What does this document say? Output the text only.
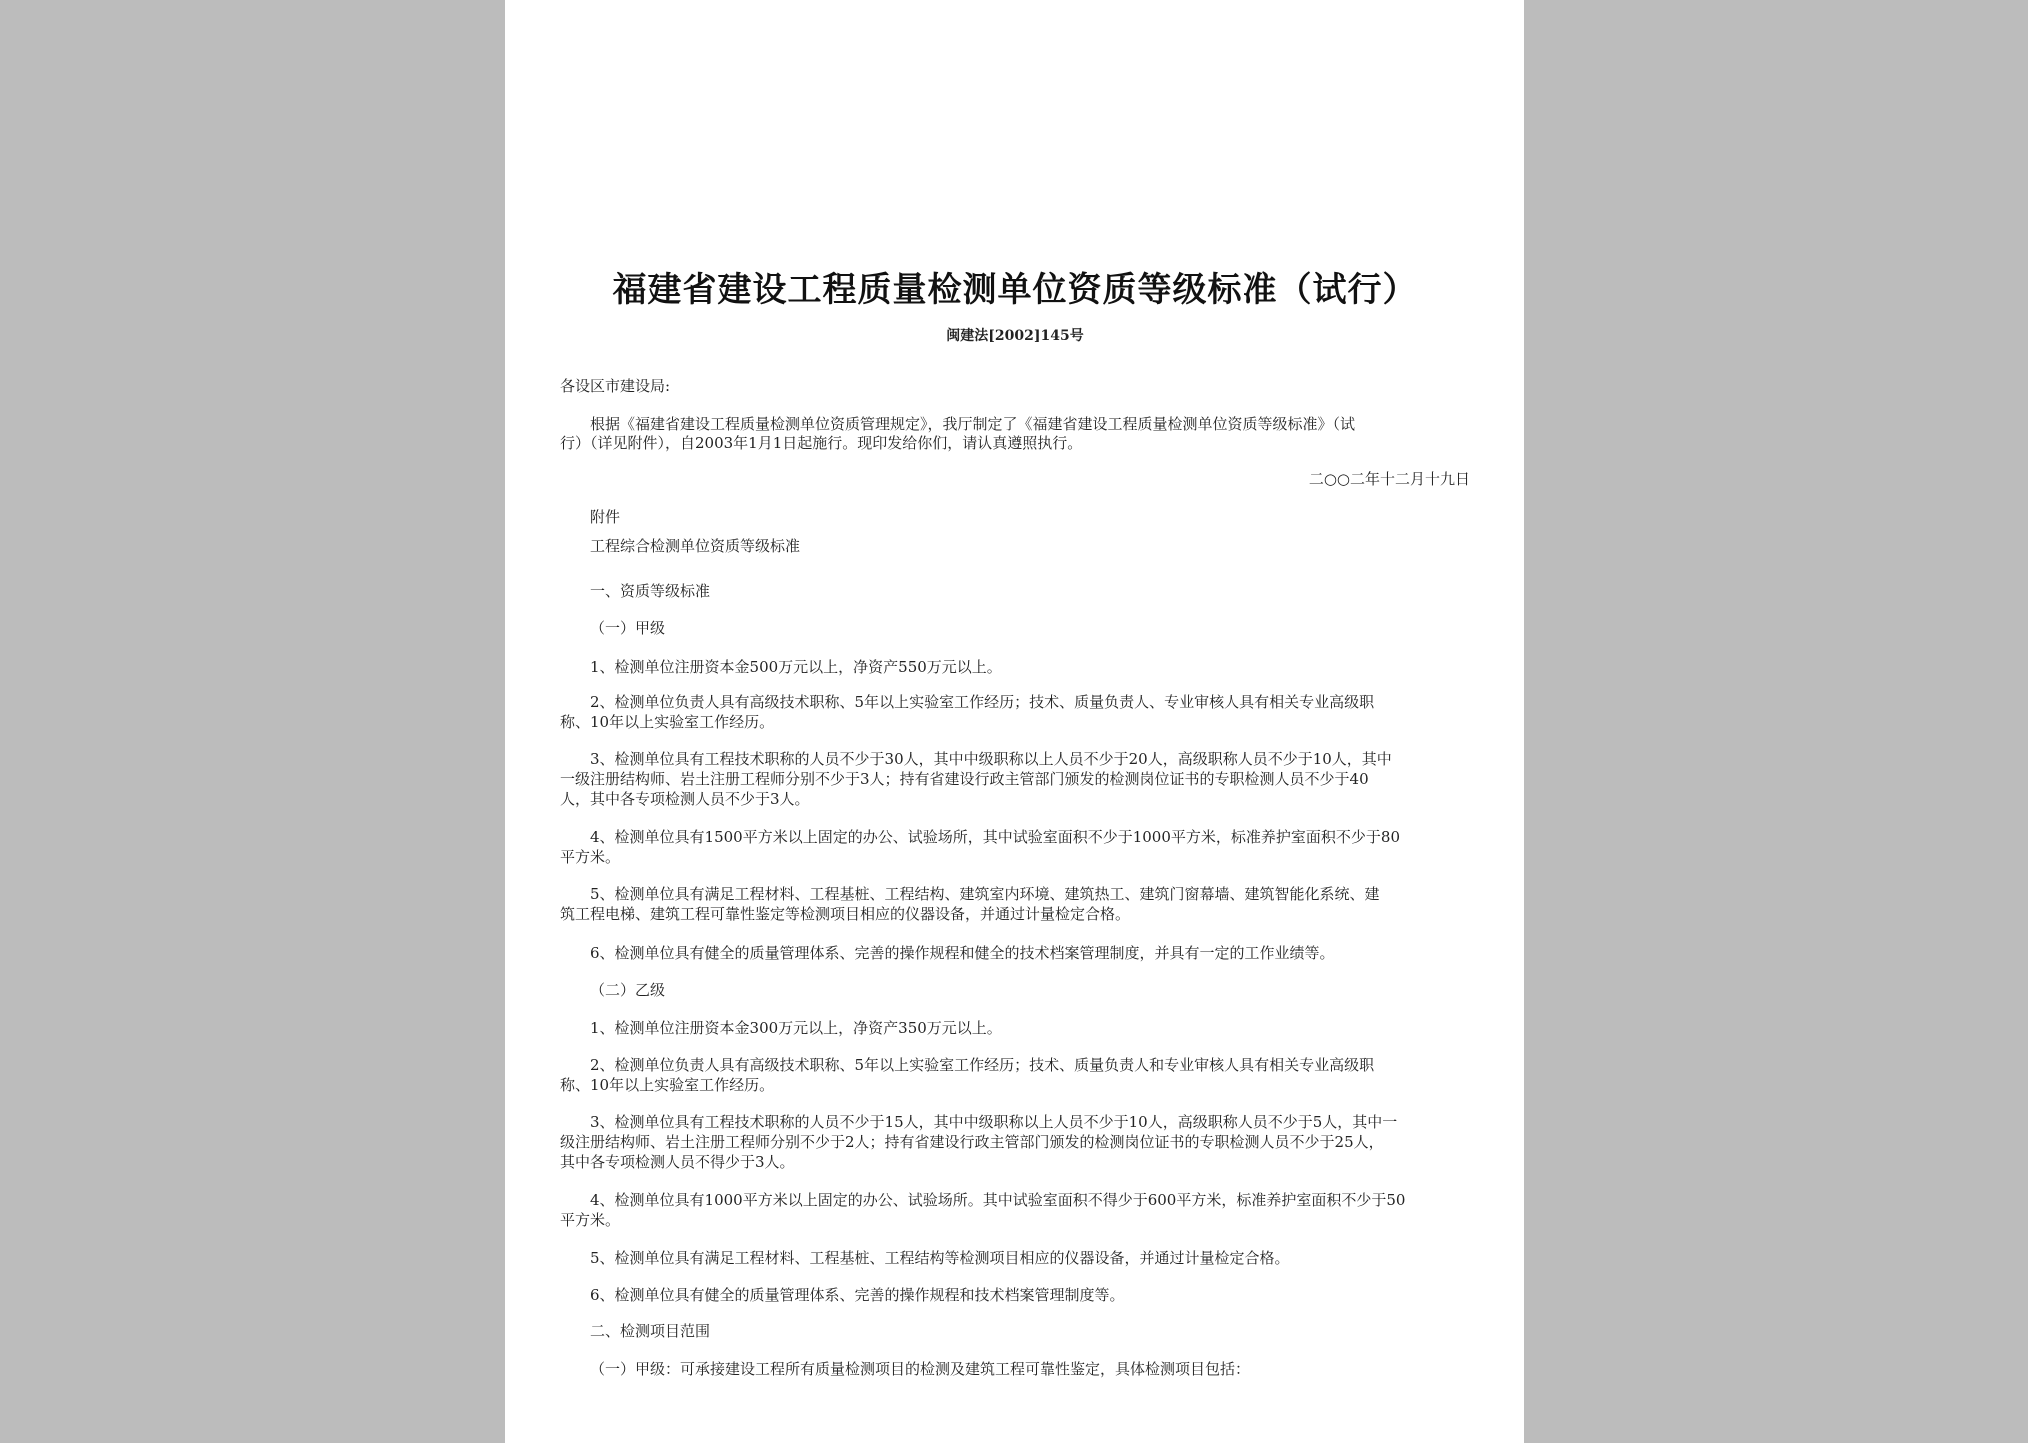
福建省建设工程质量检测单位资质等级标准（试行）
闽建法[2002]145号
各设区市建设局:
根据《福建省建设工程质量检测单位资质管理规定》，我厅制定了《福建省建设工程质量检测单位资质等级标准》（试
行）（详见附件），自2003年1月1日起施行。现印发给你们，请认真遵照执行。
二○○二年十二月十九日
附件
工程综合检测单位资质等级标准
一、资质等级标准
（一）甲级
1、检测单位注册资本金500万元以上，净资产550万元以上。
2、检测单位负责人具有高级技术职称、5年以上实验室工作经历；技术、质量负责人、专业审核人具有相关专业高级职
称、10年以上实验室工作经历。
3、检测单位具有工程技术职称的人员不少于30人，其中中级职称以上人员不少于20人，高级职称人员不少于10人，其中
一级注册结构师、岩土注册工程师分别不少于3人；持有省建设行政主管部门颁发的检测岗位证书的专职检测人员不少于40
人，其中各专项检测人员不少于3人。
4、检测单位具有1500平方米以上固定的办公、试验场所，其中试验室面积不少于1000平方米，标准养护室面积不少于80
平方米。
5、检测单位具有满足工程材料、工程基桩、工程结构、建筑室内环境、建筑热工、建筑门窗幕墙、建筑智能化系统、建
筑工程电梯、建筑工程可靠性鉴定等检测项目相应的仪器设备，并通过计量检定合格。
6、检测单位具有健全的质量管理体系、完善的操作规程和健全的技术档案管理制度，并具有一定的工作业绩等。
（二）乙级
1、检测单位注册资本金300万元以上，净资产350万元以上。
2、检测单位负责人具有高级技术职称、5年以上实验室工作经历；技术、质量负责人和专业审核人具有相关专业高级职
称、10年以上实验室工作经历。
3、检测单位具有工程技术职称的人员不少于15人，其中中级职称以上人员不少于10人，高级职称人员不少于5人，其中一
级注册结构师、岩土注册工程师分别不少于2人；持有省建设行政主管部门颁发的检测岗位证书的专职检测人员不少于25人，
其中各专项检测人员不得少于3人。
4、检测单位具有1000平方米以上固定的办公、试验场所。其中试验室面积不得少于600平方米，标准养护室面积不少于50
平方米。
5、检测单位具有满足工程材料、工程基桩、工程结构等检测项目相应的仪器设备，并通过计量检定合格。
6、检测单位具有健全的质量管理体系、完善的操作规程和技术档案管理制度等。
二、检测项目范围
（一）甲级：可承接建设工程所有质量检测项目的检测及建筑工程可靠性鉴定，具体检测项目包括：
